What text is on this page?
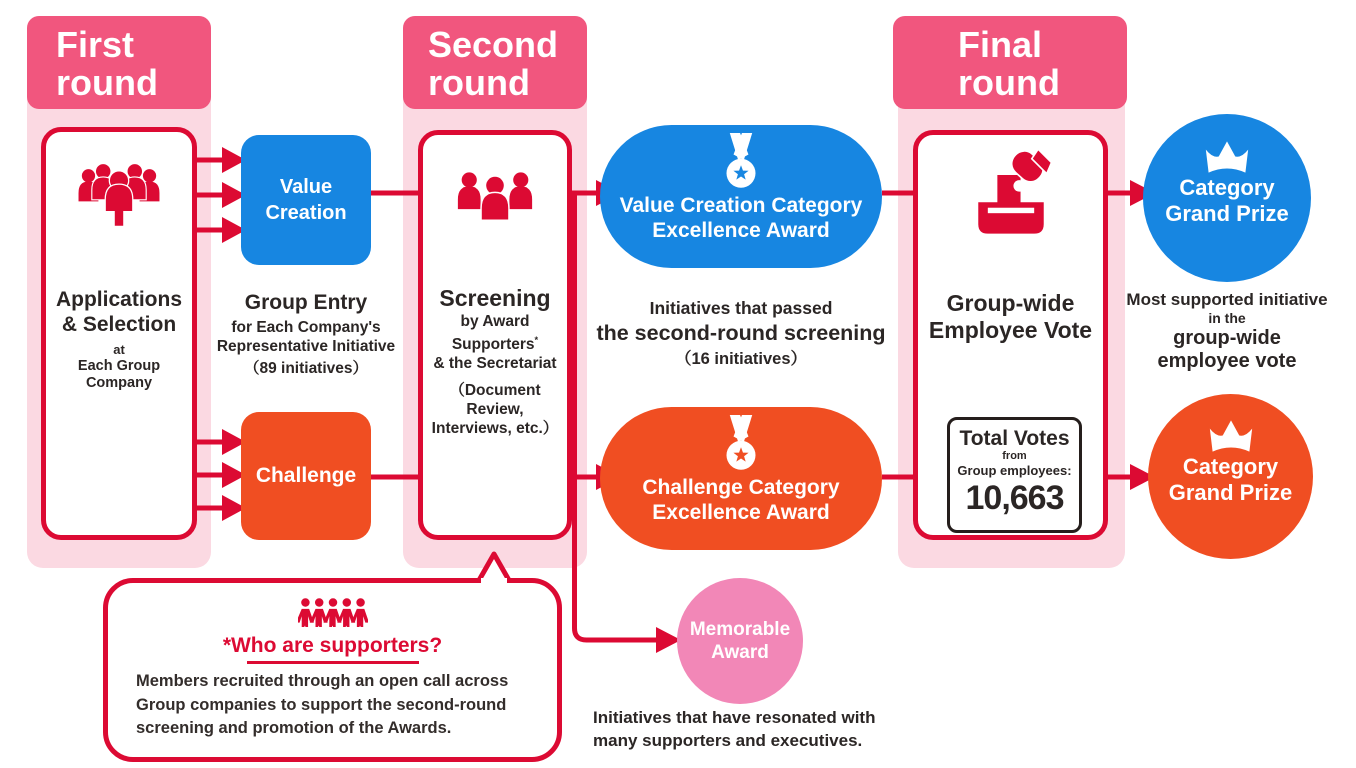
First
round
Second
round
Final
round
Applications
& Selection
at
Each Group Company
Value
Creation
Challenge
Group Entry
for Each Company's
Representative Initiative
（89 initiatives）
Screening
by Award Supporters*
& the Secretariat
（Document Review,
Interviews, etc.）
Value Creation Category
Excellence Award
Challenge Category
Excellence Award
Initiatives that passed
the second-round screening
（16 initiatives）
Group-wide
Employee Vote
Total Votes
from
Group employees:
10,663
Category
Grand Prize
Category
Grand Prize
Most supported initiative
in the
group-wide
employee vote
Memorable
Award
Initiatives that have resonated with
many supporters and executives.
*Who are supporters?
Members recruited through an open call across
Group companies to support the second-round
screening and promotion of the Awards.
